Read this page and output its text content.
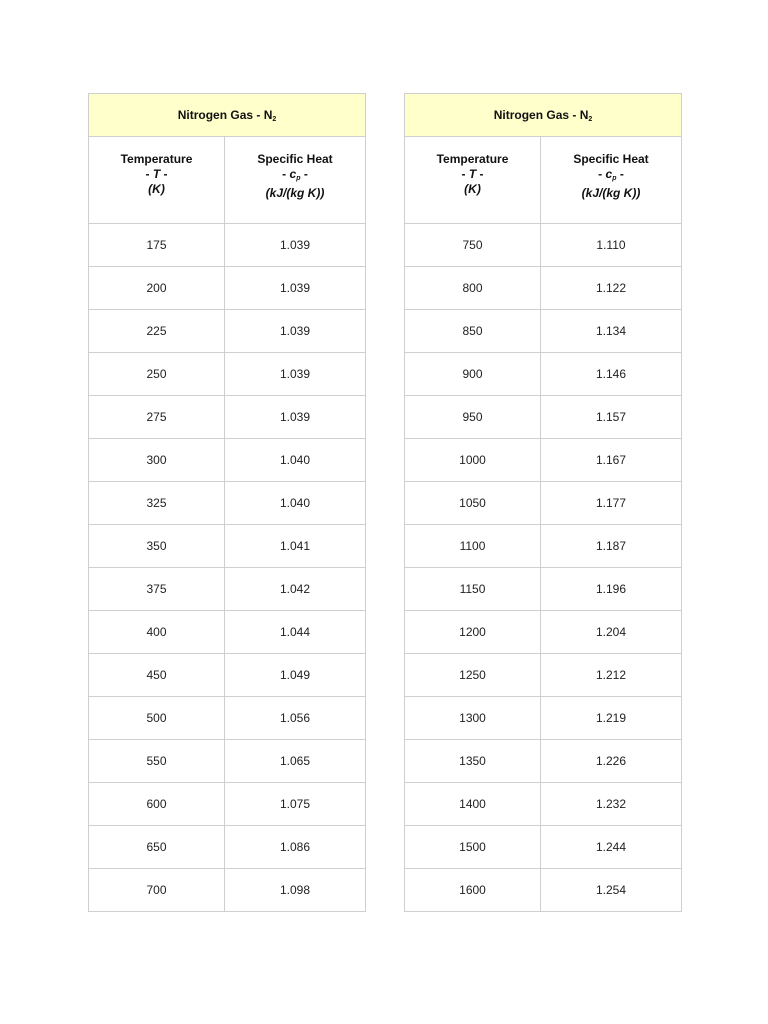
Nitrogen Gas - $N_2$

Temperature
- T -
(K)	Specific Heat
- $c_p$ -
(kJ/(kg K))

175	1.039
200	1.039
225	1.039
250	1.039
275	1.039
300	1.040
325	1.040
350	1.041
375	1.042
400	1.044
450	1.049
500	1.056
550	1.065
600	1.075
650	1.086
700	1.098
Nitrogen Gas - $N_2$

Temperature
- T -
(K)	Specific Heat
- $c_p$ -
(kJ/(kg K))

750	1.110
800	1.122
850	1.134
900	1.146
950	1.157
1000	1.167
1050	1.177
1100	1.187
1150	1.196
1200	1.204
1250	1.212
1300	1.219
1350	1.226
1400	1.232
1500	1.244
1600	1.254
